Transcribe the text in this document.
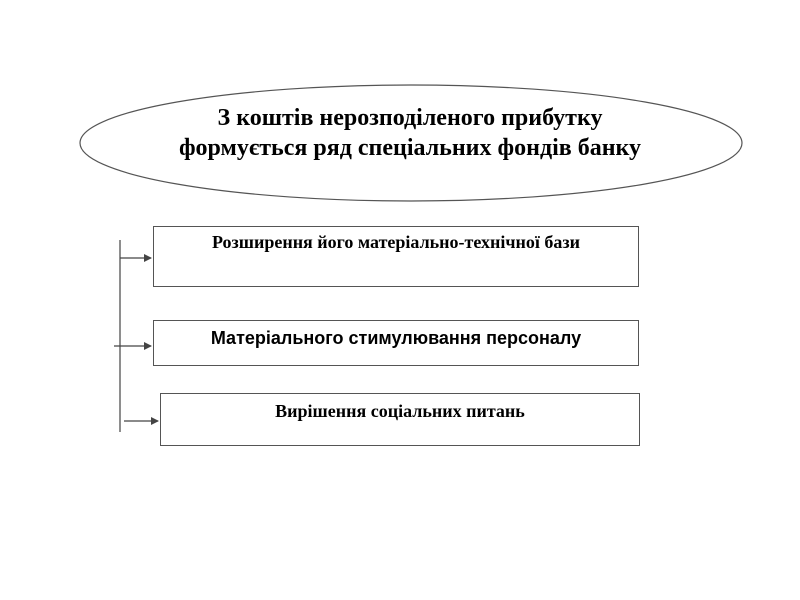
З коштів нерозподіленого прибутку формується ряд спеціальних фондів банку
Розширення його матеріально-технічної бази
Матеріального стимулювання персоналу
Вирішення соціальних питань
